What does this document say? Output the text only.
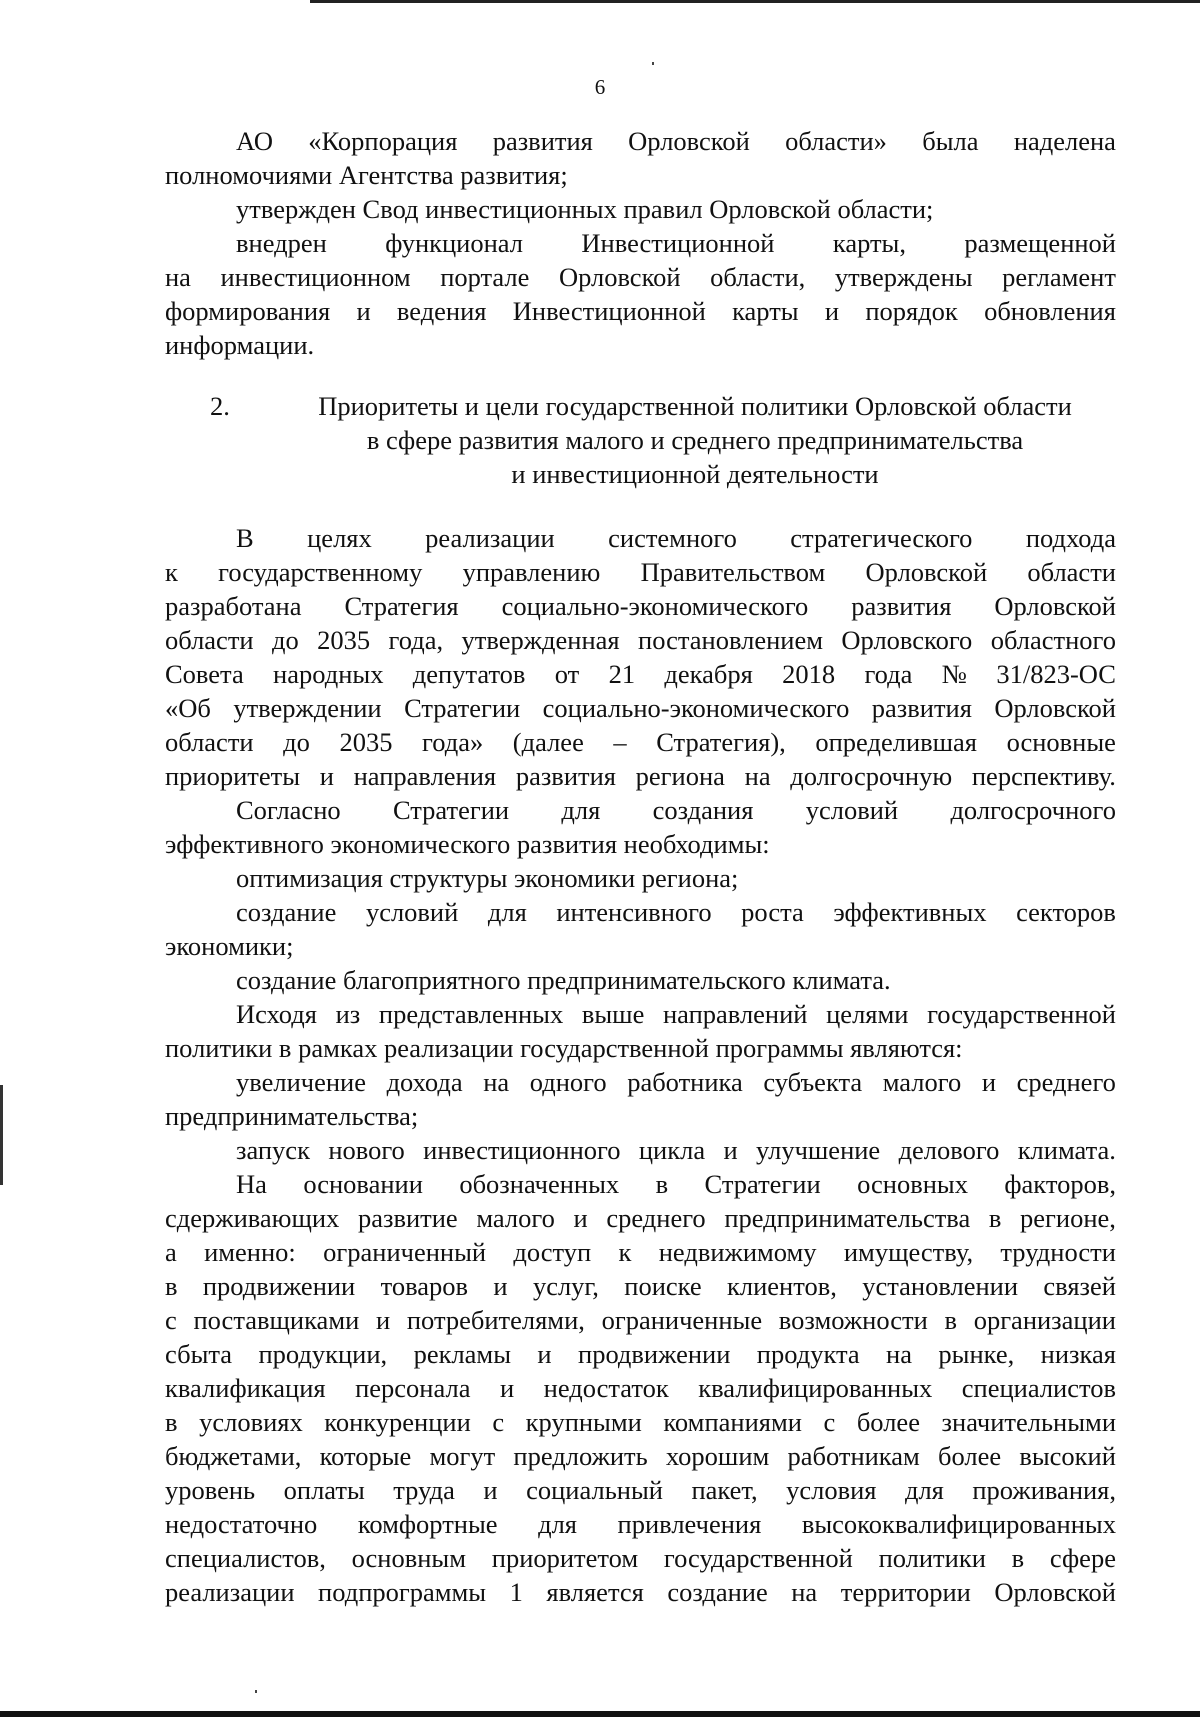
6
АО «Корпорация развития Орловской области» была наделена
полномочиями Агентства развития;
утвержден Свод инвестиционных правил Орловской области;
внедрен функционал Инвестиционной карты, размещенной
на инвестиционном портале Орловской области, утверждены регламент
формирования и ведения Инвестиционной карты и порядок обновления
информации.
В целях реализации системного стратегического подхода
к государственному управлению Правительством Орловской области
разработана Стратегия социально-экономического развития Орловской
области до 2035 года, утвержденная постановлением Орловского областного
Совета народных депутатов от 21 декабря 2018 года № 31/823-ОС
«Об утверждении Стратегии социально-экономического развития Орловской
области до 2035 года» (далее – Стратегия), определившая основные
приоритеты и направления развития региона на долгосрочную перспективу.
Согласно Стратегии для создания условий долгосрочного
эффективного экономического развития необходимы:
оптимизация структуры экономики региона;
создание условий для интенсивного роста эффективных секторов
экономики;
создание благоприятного предпринимательского климата.
Исходя из представленных выше направлений целями государственной
политики в рамках реализации государственной программы являются:
увеличение дохода на одного работника субъекта малого и среднего
предпринимательства;
запуск нового инвестиционного цикла и улучшение делового климата.
На основании обозначенных в Стратегии основных факторов,
сдерживающих развитие малого и среднего предпринимательства в регионе,
а именно: ограниченный доступ к недвижимому имуществу, трудности
в продвижении товаров и услуг, поиске клиентов, установлении связей
с поставщиками и потребителями, ограниченные возможности в организации
сбыта продукции, рекламы и продвижении продукта на рынке, низкая
квалификация персонала и недостаток квалифицированных специалистов
в условиях конкуренции с крупными компаниями с более значительными
бюджетами, которые могут предложить хорошим работникам более высокий
уровень оплаты труда и социальный пакет, условия для проживания,
недостаточно комфортные для привлечения высококвалифицированных
специалистов, основным приоритетом государственной политики в сфере
реализации подпрограммы 1 является создание на территории Орловской
2.	Приоритеты и цели государственной политики Орловской области
в сфере развития малого и среднего предпринимательства
и инвестиционной деятельности
